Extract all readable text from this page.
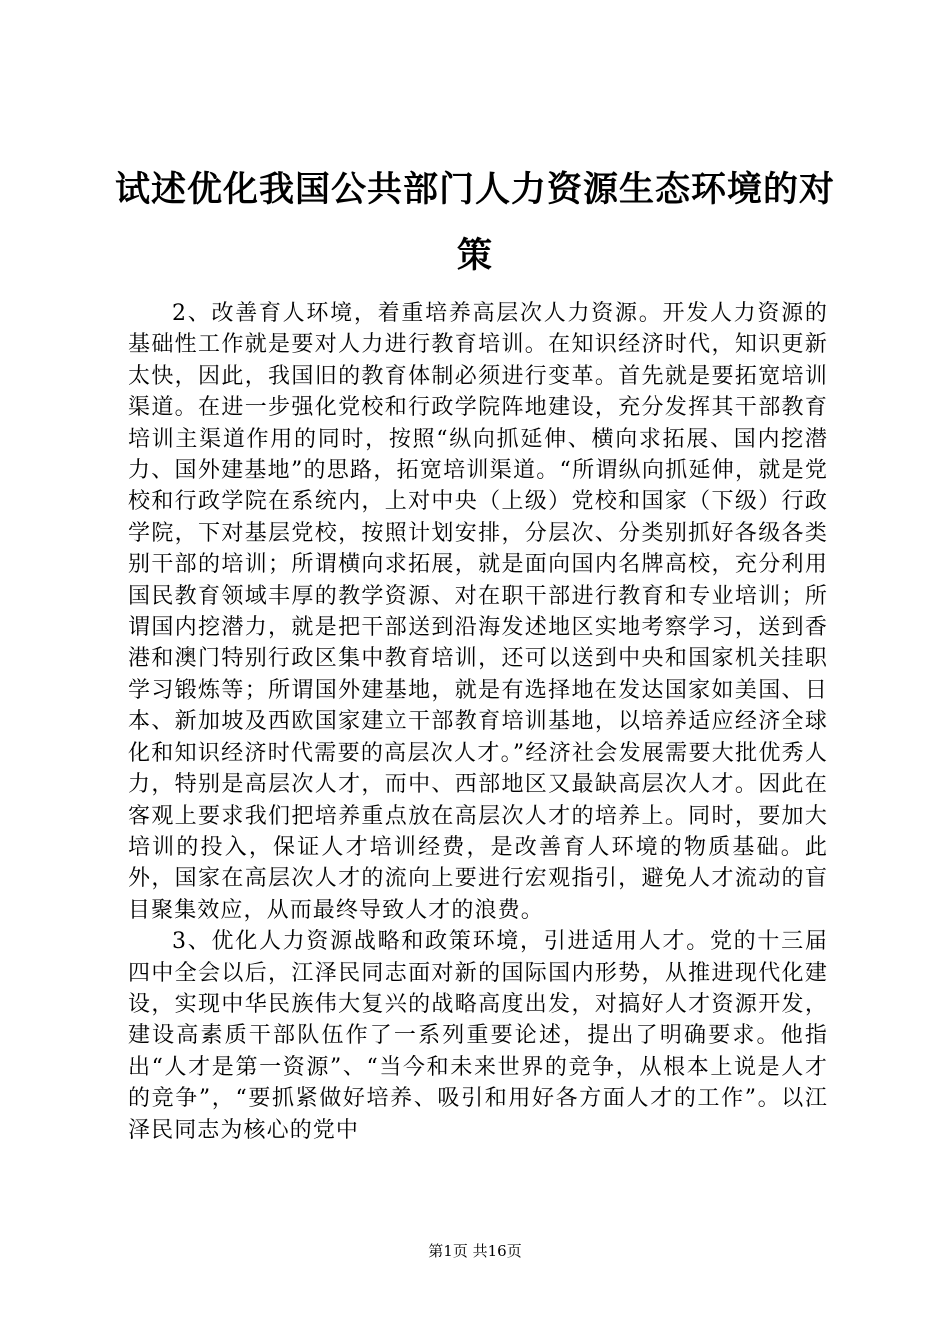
试述优化我国公共部门人力资源生态环境的对策

2、改善育人环境，着重培养高层次人力资源。开发人力资源的基础性工作就是要对人力进行教育培训。在知识经济时代，知识更新太快，因此，我国旧的教育体制必须进行变革。首先就是要拓宽培训渠道。在进一步强化党校和行政学院阵地建设，充分发挥其干部教育培训主渠道作用的同时，按照“纵向抓延伸、横向求拓展、国内挖潜力、国外建基地”的思路，拓宽培训渠道。“所谓纵向抓延伸，就是党校和行政学院在系统内，上对中央（上级）党校和国家（下级）行政学院，下对基层党校，按照计划安排，分层次、分类别抓好各级各类别干部的培训；所谓横向求拓展，就是面向国内名牌高校，充分利用国民教育领域丰厚的教学资源、对在职干部进行教育和专业培训；所谓国内挖潜力，就是把干部送到沿海发述地区实地考察学习，送到香港和澳门特别行政区集中教育培训，还可以送到中央和国家机关挂职学习锻炼等；所谓国外建基地，就是有选择地在发达国家如美国、日本、新加坡及西欧国家建立干部教育培训基地，以培养适应经济全球化和知识经济时代需要的高层次人才。”经济社会发展需要大批优秀人力，特别是高层次人才，而中、西部地区又最缺高层次人才。因此在客观上要求我们把培养重点放在高层次人才的培养上。同时，要加大培训的投入，保证人才培训经费，是改善育人环境的物质基础。此外，国家在高层次人才的流向上要进行宏观指引，避免人才流动的盲目聚集效应，从而最终导致人才的浪费。

3、优化人力资源战略和政策环境，引进适用人才。党的十三届四中全会以后，江泽民同志面对新的国际国内形势，从推进现代化建设，实现中华民族伟大复兴的战略高度出发，对搞好人才资源开发，建设高素质干部队伍作了一系列重要论述，提出了明确要求。他指出“人才是第一资源”、“当今和未来世界的竞争，从根本上说是人才的竞争”，“要抓紧做好培养、吸引和用好各方面人才的工作”。以江泽民同志为核心的党中

第1页 共16页
